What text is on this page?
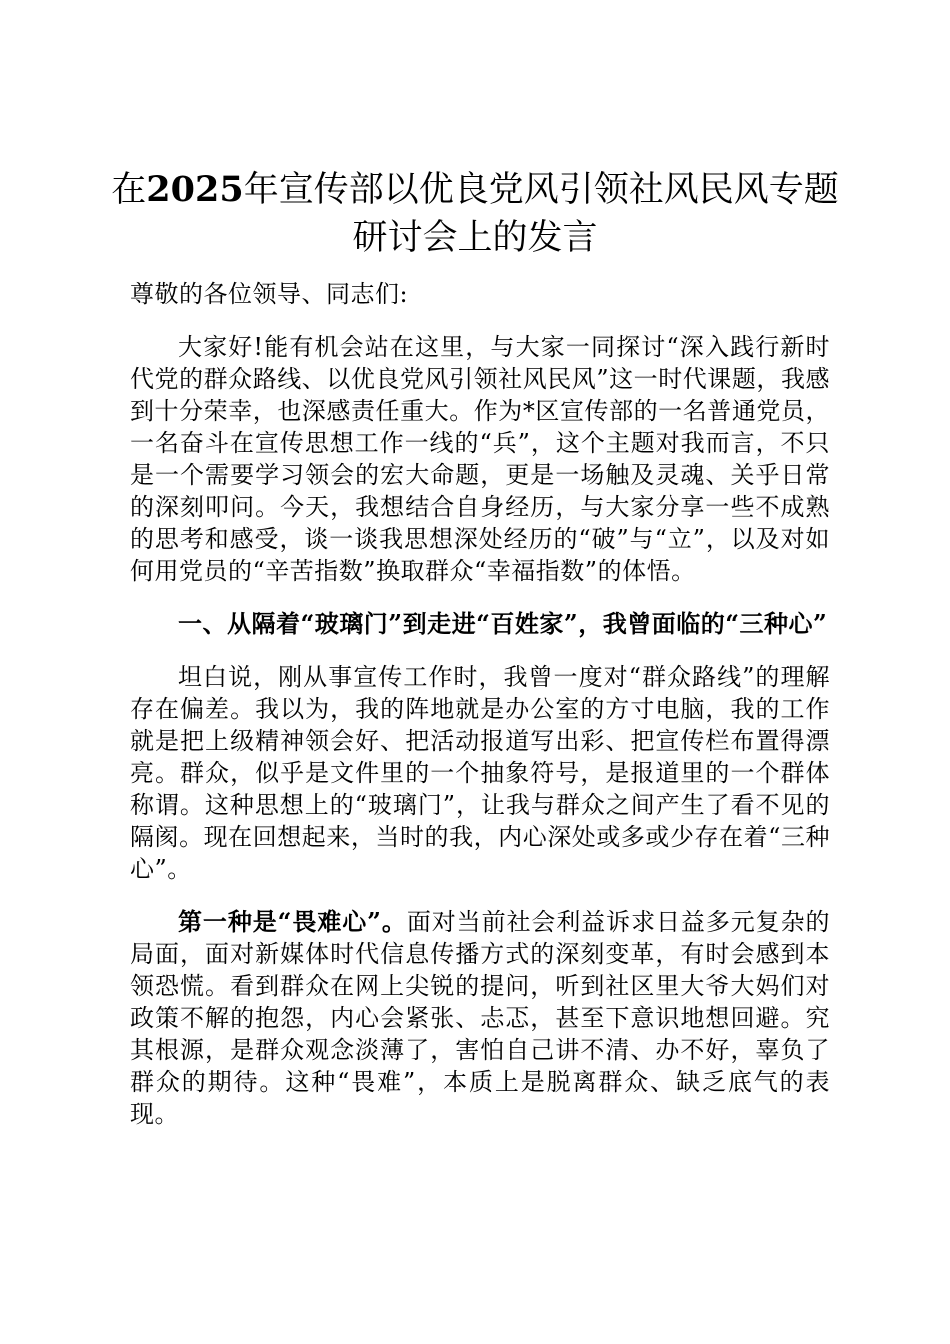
在2025年宣传部以优良党风引领社风民风专题研讨会上的发言

尊敬的各位领导、同志们:

大家好!能有机会站在这里，与大家一同探讨“深入践行新时代党的群众路线、以优良党风引领社风民风”这一时代课题，我感到十分荣幸，也深感责任重大。作为*区宣传部的一名普通党员，一名奋斗在宣传思想工作一线的“兵”，这个主题对我而言，不只是一个需要学习领会的宏大命题，更是一场触及灵魂、关乎日常的深刻叩问。今天，我想结合自身经历，与大家分享一些不成熟的思考和感受，谈一谈我思想深处经历的“破”与“立”，以及对如何用党员的“辛苦指数”换取群众“幸福指数”的体悟。

一、从隔着“玻璃门”到走进“百姓家”，我曾面临的“三种心”

坦白说，刚从事宣传工作时，我曾一度对“群众路线”的理解存在偏差。我以为，我的阵地就是办公室的方寸电脑，我的工作就是把上级精神领会好、把活动报道写出彩、把宣传栏布置得漂亮。群众，似乎是文件里的一个抽象符号，是报道里的一个群体称谓。这种思想上的“玻璃门”，让我与群众之间产生了看不见的隔阂。现在回想起来，当时的我，内心深处或多或少存在着“三种心”。

第一种是“畏难心”。面对当前社会利益诉求日益多元复杂的局面，面对新媒体时代信息传播方式的深刻变革，有时会感到本领恐慌。看到群众在网上尖锐的提问，听到社区里大爷大妈们对政策不解的抱怨，内心会紧张、忐忑，甚至下意识地想回避。究其根源，是群众观念淡薄了，害怕自己讲不清、办不好，辜负了群众的期待。这种“畏难”，本质上是脱离群众、缺乏底气的表现。
